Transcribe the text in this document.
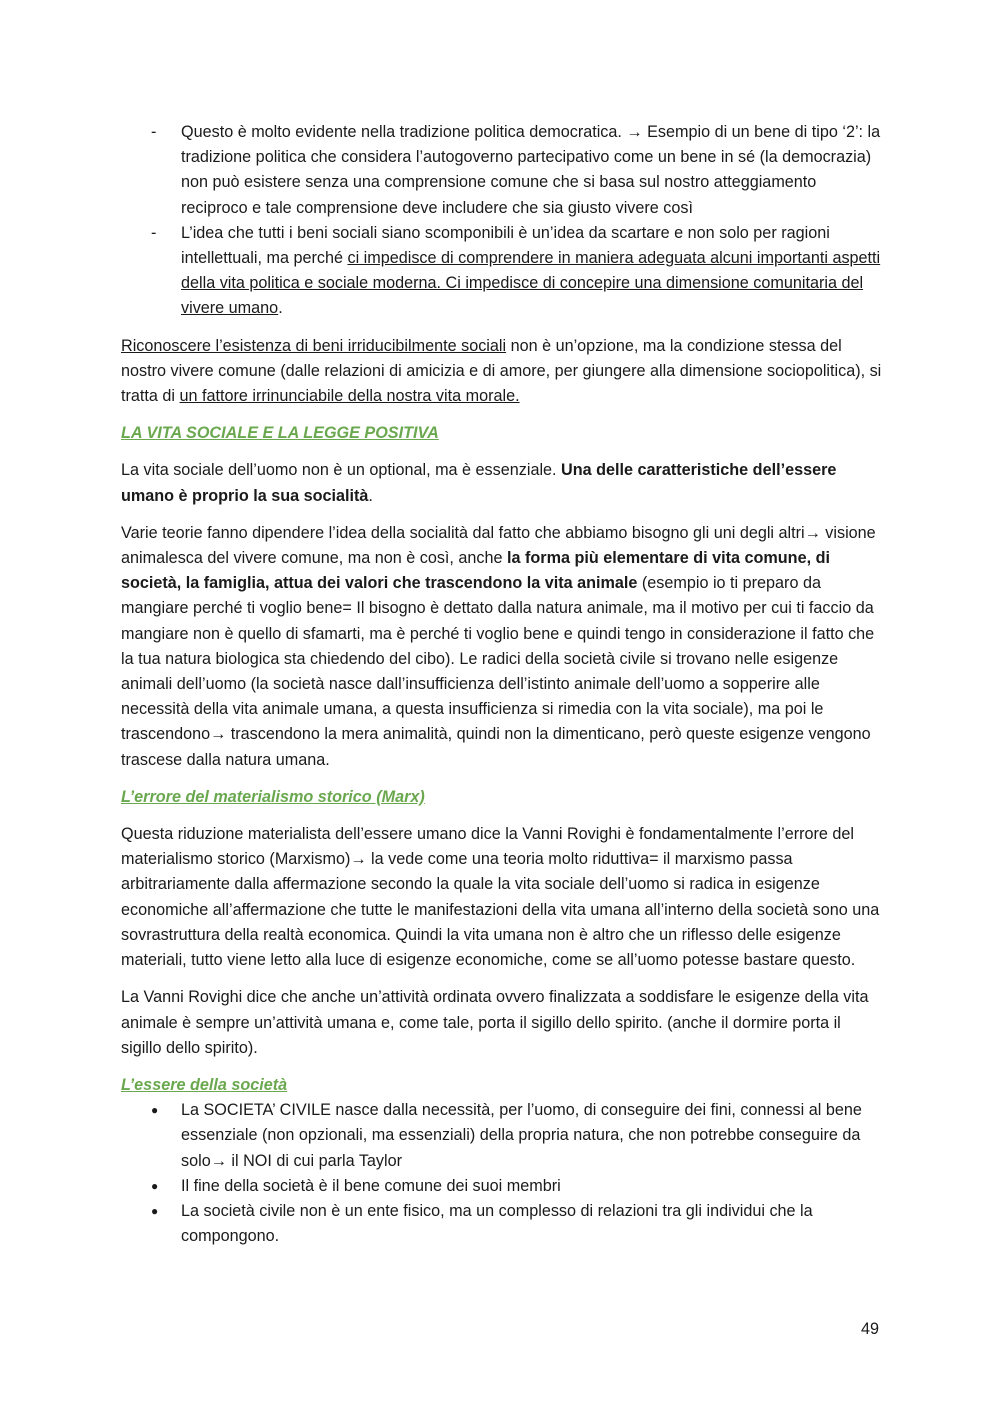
- Questo è molto evidente nella tradizione politica democratica. → Esempio di un bene di tipo ‘2’: la tradizione politica che considera l’autogoverno partecipativo come un bene in sé (la democrazia) non può esistere senza una comprensione comune che si basa sul nostro atteggiamento reciproco e tale comprensione deve includere che sia giusto vivere così
- L’idea che tutti i beni sociali siano scomponibili è un’idea da scartare e non solo per ragioni intellettuali, ma perché ci impedisce di comprendere in maniera adeguata alcuni importanti aspetti della vita politica e sociale moderna. Ci impedisce di concepire una dimensione comunitaria del vivere umano.

Riconoscere l’esistenza di beni irriducibilmente sociali non è un’opzione, ma la condizione stessa del nostro vivere comune (dalle relazioni di amicizia e di amore, per giungere alla dimensione sociopolitica), si tratta di un fattore irrinunciabile della nostra vita morale.

LA VITA SOCIALE E LA LEGGE POSITIVA

La vita sociale dell’uomo non è un optional, ma è essenziale. Una delle caratteristiche dell’essere umano è proprio la sua socialità.

Varie teorie fanno dipendere l’idea della socialità dal fatto che abbiamo bisogno gli uni degli altri→ visione animalesca del vivere comune, ma non è così, anche la forma più elementare di vita comune, di società, la famiglia, attua dei valori che trascendono la vita animale (esempio io ti preparo da mangiare perché ti voglio bene= Il bisogno è dettato dalla natura animale, ma il motivo per cui ti faccio da mangiare non è quello di sfamarti, ma è perché ti voglio bene e quindi tengo in considerazione il fatto che la tua natura biologica sta chiedendo del cibo). Le radici della società civile si trovano nelle esigenze animali dell’uomo (la società nasce dall’insufficienza dell’istinto animale dell’uomo a sopperire alle necessità della vita animale umana, a questa insufficienza si rimedia con la vita sociale), ma poi le trascendono→ trascendono la mera animalità, quindi non la dimenticano, però queste esigenze vengono trascese dalla natura umana.

L’errore del materialismo storico (Marx)

Questa riduzione materialista dell’essere umano dice la Vanni Rovighi è fondamentalmente l’errore del materialismo storico (Marxismo)→ la vede come una teoria molto riduttiva= il marxismo passa arbitrariamente dalla affermazione secondo la quale la vita sociale dell’uomo si radica in esigenze economiche all’affermazione che tutte le manifestazioni della vita umana all’interno della società sono una sovrastruttura della realtà economica. Quindi la vita umana non è altro che un riflesso delle esigenze materiali, tutto viene letto alla luce di esigenze economiche, come se all’uomo potesse bastare questo.

La Vanni Rovighi dice che anche un’attività ordinata ovvero finalizzata a soddisfare le esigenze della vita animale è sempre un’attività umana e, come tale, porta il sigillo dello spirito. (anche il dormire porta il sigillo dello spirito).

L’essere della società

● La SOCIETA’ CIVILE nasce dalla necessità, per l’uomo, di conseguire dei fini, connessi al bene essenziale (non opzionali, ma essenziali) della propria natura, che non potrebbe conseguire da solo→ il NOI di cui parla Taylor
● Il fine della società è il bene comune dei suoi membri
● La società civile non è un ente fisico, ma un complesso di relazioni tra gli individui che la compongono.
49
